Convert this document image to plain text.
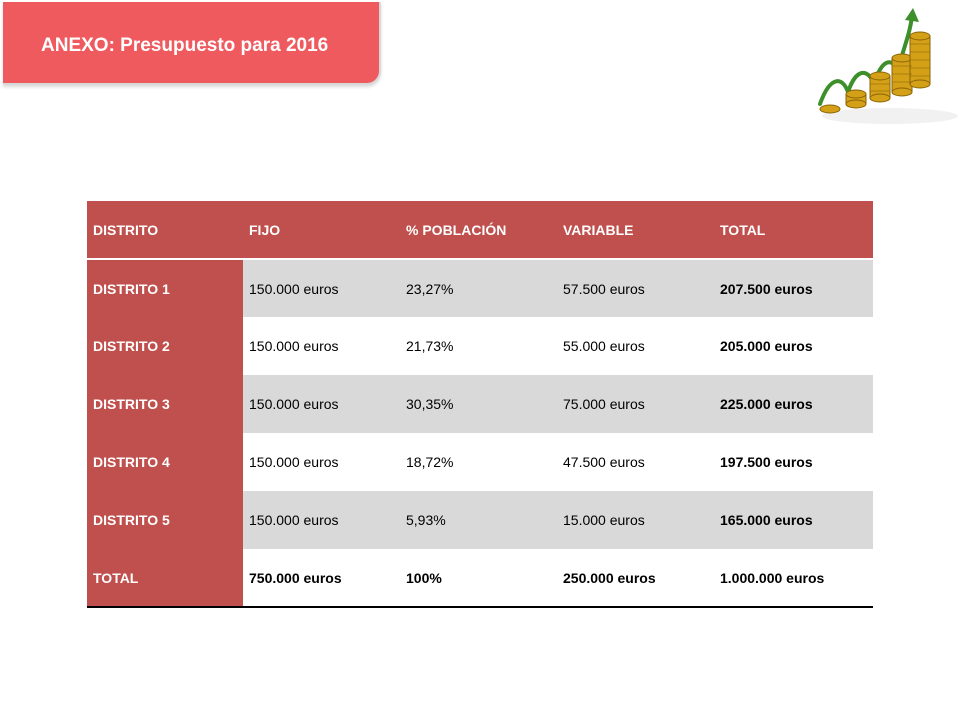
ANEXO: Presupuesto para 2016
DISTRITO	FIJO	% POBLACIÓN	VARIABLE	TOTAL
DISTRITO 1	150.000 euros	23,27%	57.500 euros	207.500 euros
DISTRITO 2	150.000 euros	21,73%	55.000 euros	205.000 euros
DISTRITO 3	150.000 euros	30,35%	75.000 euros	225.000 euros
DISTRITO 4	150.000 euros	18,72%	47.500 euros	197.500 euros
DISTRITO 5	150.000 euros	5,93%	15.000 euros	165.000 euros
TOTAL	750.000 euros	100%	250.000 euros	1.000.000 euros
